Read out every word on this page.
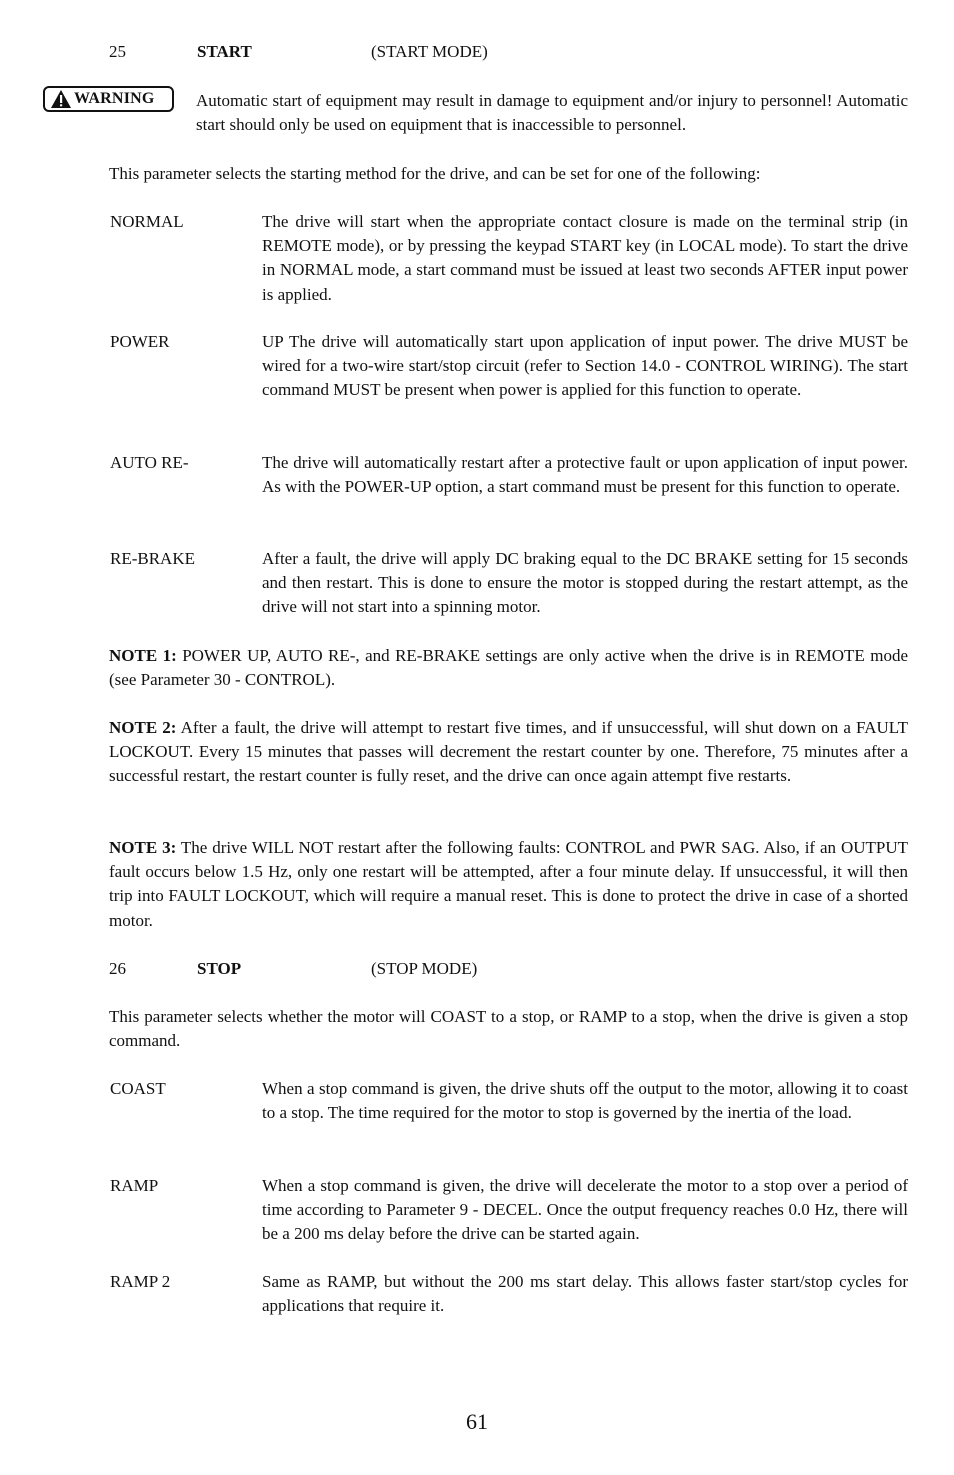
25	START	(START MODE)
WARNING Automatic start of equipment may result in damage to equipment and/or injury to personnel! Automatic start should only be used on equipment that is inaccessible to personnel.
This parameter selects the starting method for the drive, and can be set for one of the following:
NORMAL	The drive will start when the appropriate contact closure is made on the terminal strip (in REMOTE mode), or by pressing the keypad START key (in LOCAL mode). To start the drive in NORMAL mode, a start command must be issued at least two seconds AFTER input power is applied.
POWER	UP The drive will automatically start upon application of input power. The drive MUST be wired for a two-wire start/stop circuit (refer to Section 14.0 - CONTROL WIRING). The start command MUST be present when power is applied for this function to operate.
AUTO RE-	The drive will automatically restart after a protective fault or upon application of input power. As with the POWER-UP option, a start command must be present for this function to operate.
RE-BRAKE	After a fault, the drive will apply DC braking equal to the DC BRAKE setting for 15 seconds and then restart. This is done to ensure the motor is stopped during the restart attempt, as the drive will not start into a spinning motor.
NOTE 1: POWER UP, AUTO RE-, and RE-BRAKE settings are only active when the drive is in REMOTE mode (see Parameter 30 - CONTROL).
NOTE 2: After a fault, the drive will attempt to restart five times, and if unsuccessful, will shut down on a FAULT LOCKOUT. Every 15 minutes that passes will decrement the restart counter by one. Therefore, 75 minutes after a successful restart, the restart counter is fully reset, and the drive can once again attempt five restarts.
NOTE 3: The drive WILL NOT restart after the following faults: CONTROL and PWR SAG. Also, if an OUTPUT fault occurs below 1.5 Hz, only one restart will be attempted, after a four minute delay. If unsuccessful, it will then trip into FAULT LOCKOUT, which will require a manual reset. This is done to protect the drive in case of a shorted motor.
26	STOP	(STOP MODE)
This parameter selects whether the motor will COAST to a stop, or RAMP to a stop, when the drive is given a stop command.
COAST	When a stop command is given, the drive shuts off the output to the motor, allowing it to coast to a stop. The time required for the motor to stop is governed by the inertia of the load.
RAMP	When a stop command is given, the drive will decelerate the motor to a stop over a period of time according to Parameter 9 - DECEL. Once the output frequency reaches 0.0 Hz, there will be a 200 ms delay before the drive can be started again.
RAMP 2	Same as RAMP, but without the 200 ms start delay. This allows faster start/stop cycles for applications that require it.
61
